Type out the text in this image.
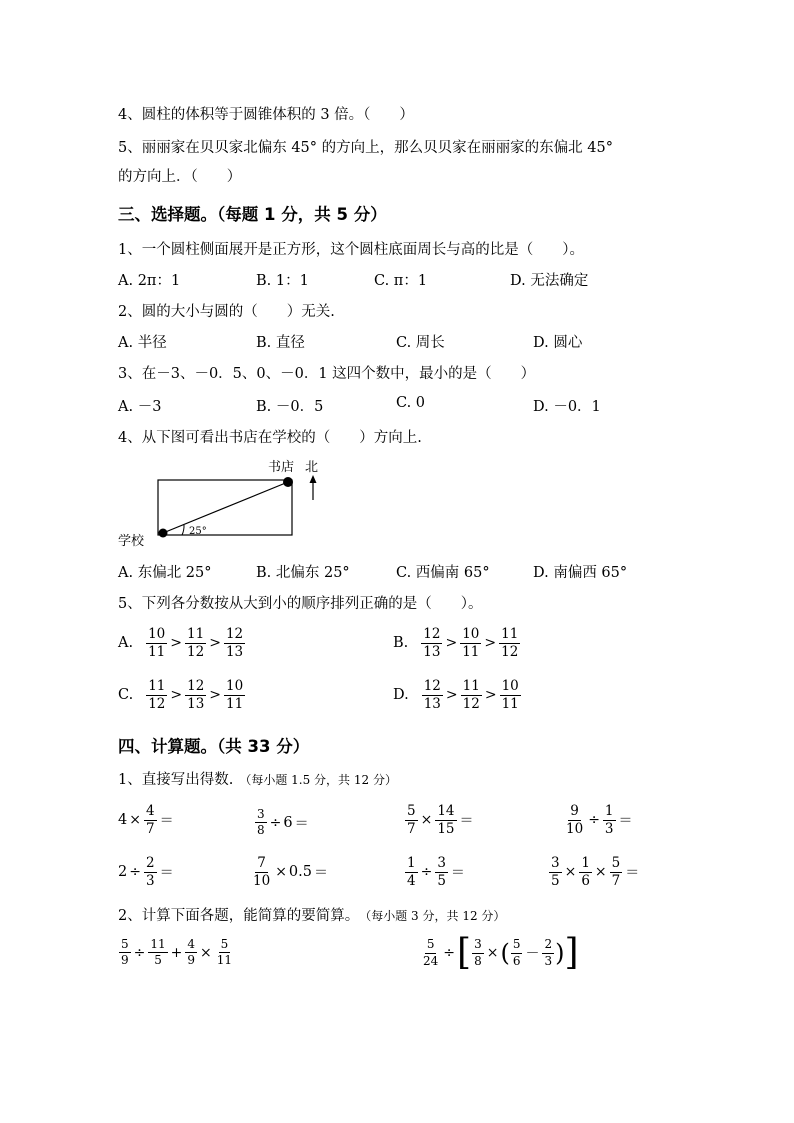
4、圆柱的体积等于圆锥体积的 3 倍。（　　）
5、丽丽家在贝贝家北偏东 45° 的方向上，那么贝贝家在丽丽家的东偏北 45°
的方向上．（　　）
三、选择题。（每题 1 分，共 5 分）
1、一个圆柱侧面展开是正方形，这个圆柱底面周长与高的比是（　　）。
A. 2π：1	B. 1：1	C. π：1	D. 无法确定
2、圆的大小与圆的（　　）无关.
A. 半径	B. 直径	C. 周长	D. 圆心
3、在－3、－0．5、0、－0．1 这四个数中，最小的是（　　）
A. －3	B. －0．5	C. 0	D. －0．1
4、从下图可看出书店在学校的（　　）方向上.
书店 北
学校
25°
A. 东偏北 25°	B. 北偏东 25°	C. 西偏南 65°	D. 南偏西 65°
5、下列各分数按从大到小的顺序排列正确的是（　　）。
A. $\frac{10}{11} > \frac{11}{12} > \frac{12}{13}$	B. $\frac{12}{13} > \frac{10}{11} > \frac{11}{12}$
C. $\frac{11}{12} > \frac{12}{13} > \frac{10}{11}$	D. $\frac{12}{13} > \frac{11}{12} > \frac{10}{11}$
四、计算题。（共 33 分）
1、直接写出得数. （每小题 1.5 分，共 12 分）
$4 \times \frac{4}{7}$ ＝	$\frac{3}{8} \div 6$ ＝	$\frac{5}{7} \times \frac{14}{15}$ ＝	$\frac{9}{10} \div \frac{1}{3}$ ＝
$2 \div \frac{2}{3}$ ＝	$\frac{7}{10} \times 0.5$ ＝	$\frac{1}{4} \div \frac{3}{5}$ ＝	$\frac{3}{5} \times \frac{1}{6} \times \frac{5}{7}$ ＝
2、计算下面各题，能简算的要简算。 （每小题 3 分，共 12 分）
$\frac{5}{9} \div \frac{11}{5} + \frac{4}{9} \times \frac{5}{11}$	$\frac{5}{24}$ ÷ [ $\frac{3}{8}$ × ( $\frac{5}{6} - \frac{2}{3}$ ) ]
